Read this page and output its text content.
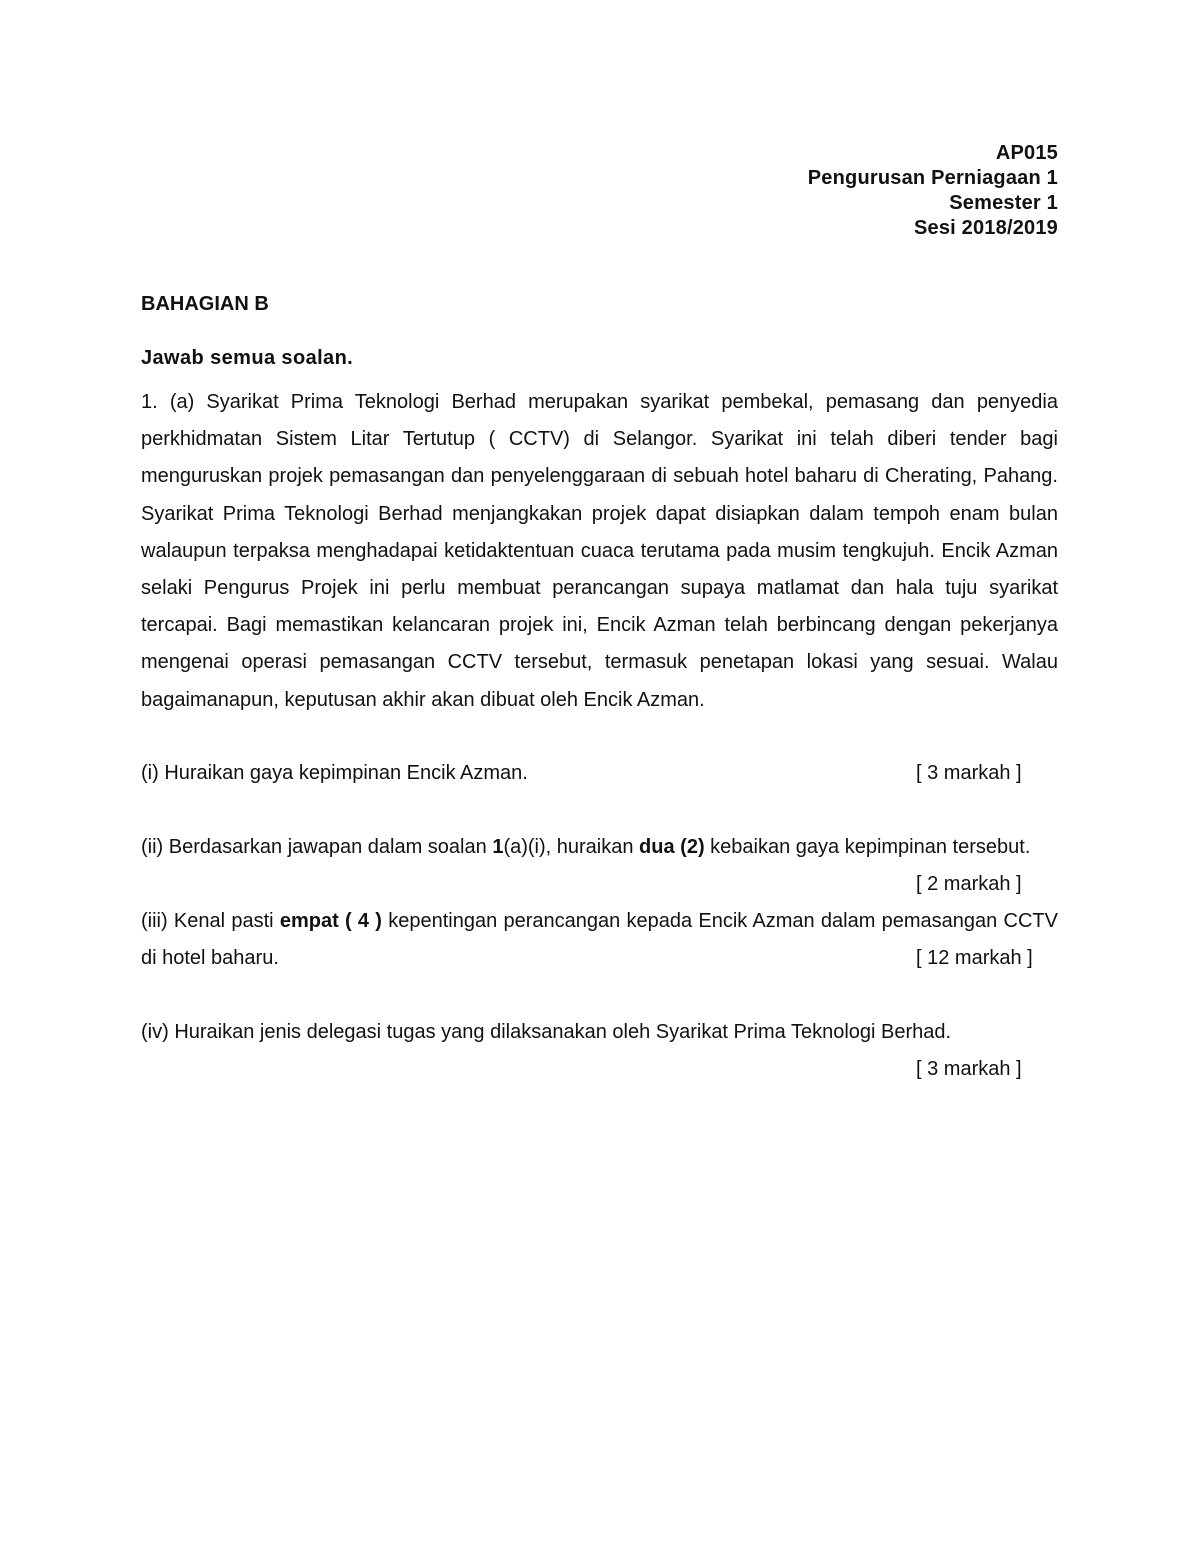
AP015
Pengurusan Perniagaan 1
Semester 1
Sesi 2018/2019

BAHAGIAN B

Jawab semua soalan.

1. (a) Syarikat Prima Teknologi Berhad merupakan syarikat pembekal, pemasang dan penyedia perkhidmatan Sistem Litar Tertutup ( CCTV) di Selangor. Syarikat ini telah diberi tender bagi menguruskan projek pemasangan dan penyelenggaraan di sebuah hotel baharu di Cherating, Pahang. Syarikat Prima Teknologi Berhad menjangkakan projek dapat disiapkan dalam tempoh enam bulan walaupun terpaksa menghadapai ketidaktentuan cuaca terutama pada musim tengkujuh. Encik Azman selaki Pengurus Projek ini perlu membuat perancangan supaya matlamat dan hala tuju syarikat tercapai. Bagi memastikan kelancaran projek ini, Encik Azman telah berbincang dengan pekerjanya mengenai operasi pemasangan CCTV tersebut, termasuk penetapan lokasi yang sesuai. Walau bagaimanapun, keputusan akhir akan dibuat oleh Encik Azman.

(i) Huraikan gaya kepimpinan Encik Azman.	[ 3 markah ]
(ii) Berdasarkan jawapan dalam soalan 1(a)(i), huraikan dua (2) kebaikan gaya kepimpinan tersebut.
[ 2 markah ]
(iii) Kenal pasti empat ( 4 ) kepentingan perancangan kepada Encik Azman dalam pemasangan CCTV di hotel baharu.	[ 12 markah ]
(iv) Huraikan jenis delegasi tugas yang dilaksanakan oleh Syarikat Prima Teknologi Berhad.
[ 3 markah ]
